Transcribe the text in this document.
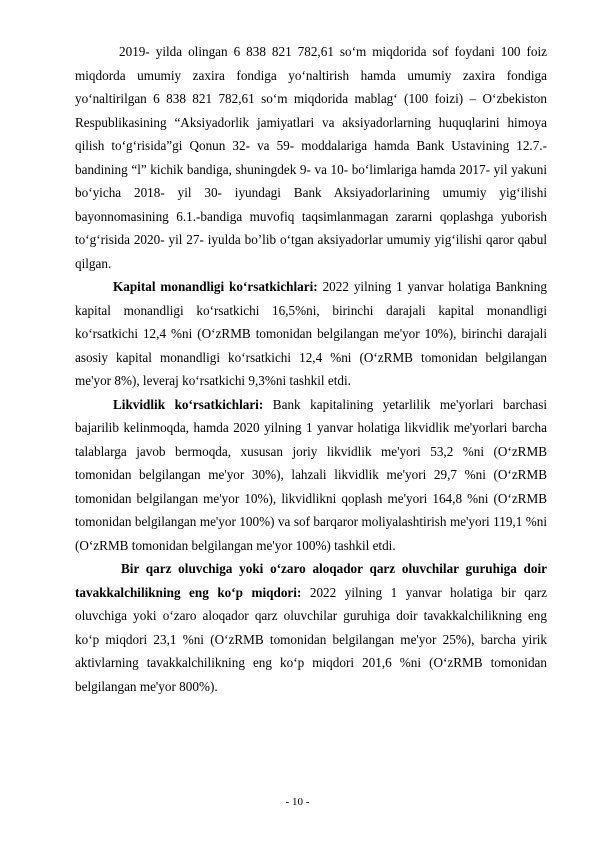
2019- yilda olingan 6 838 821 782,61 soʻm miqdorida sof foydani 100 foiz miqdorda umumiy zaxira fondiga yoʻnaltirish hamda umumiy zaxira fondiga yoʻnaltirilgan 6 838 821 782,61 soʻm miqdorida mablagʻ (100 foizi) – Oʻzbekiston Respublikasining “Aksiyadorlik jamiyatlari va aksiyadorlarning huquqlarini himoya qilish toʻgʻrisida”gi Qonun 32- va 59- moddalariga hamda Bank Ustavining 12.7.-bandining “l” kichik bandiga, shuningdek 9- va 10- boʻlimlariga hamda 2017- yil yakuni boʻyicha 2018- yil 30- iyundagi Bank Aksiyadorlarining umumiy yigʻilishi bayonnomasining 6.1.-bandiga muvofiq taqsimlanmagan zararni qoplashga yuborish toʻgʻrisida 2020- yil 27- iyulda bo’lib oʻtgan aksiyadorlar umumiy yigʻilishi qaror qabul qilgan.

Kapital monandligi ko‘rsatkichlari: 2022 yilning 1 yanvar holatiga Bankning kapital monandligi ko‘rsatkichi 16,5%ni, birinchi darajali kapital monandligi ko‘rsatkichi 12,4 %ni (O‘zRMB tomonidan belgilangan me'yor 10%), birinchi darajali asosiy kapital monandligi ko‘rsatkichi 12,4 %ni (O‘zRMB tomonidan belgilangan me'yor 8%), leveraj ko‘rsatkichi 9,3%ni tashkil etdi.

Likvidlik ko‘rsatkichlari: Bank kapitalining yetarlilik me'yorlari barchasi bajarilib kelinmoqda, hamda 2020 yilning 1 yanvar holatiga likvidlik me'yorlari barcha talablarga javob bermoqda, xususan joriy likvidlik me'yori 53,2 %ni (O‘zRMB tomonidan belgilangan me'yor 30%), lahzali likvidlik me'yori 29,7 %ni (O‘zRMB tomonidan belgilangan me'yor 10%), likvidlikni qoplash me'yori 164,8 %ni (O‘zRMB tomonidan belgilangan me'yor 100%) va sof barqaror moliyalashtirish me'yori 119,1 %ni (O‘zRMB tomonidan belgilangan me'yor 100%) tashkil etdi.

Bir qarz oluvchiga yoki o‘zaro aloqador qarz oluvchilar guruhiga doir tavakkalchilikning eng ko‘p miqdori: 2022 yilning 1 yanvar holatiga bir qarz oluvchiga yoki o‘zaro aloqador qarz oluvchilar guruhiga doir tavakkalchilikning eng ko‘p miqdori 23,1 %ni (O‘zRMB tomonidan belgilangan me'yor 25%), barcha yirik aktivlarning tavakkalchilikning eng ko‘p miqdori 201,6 %ni (O‘zRMB tomonidan belgilangan me'yor 800%).

- 10 -
